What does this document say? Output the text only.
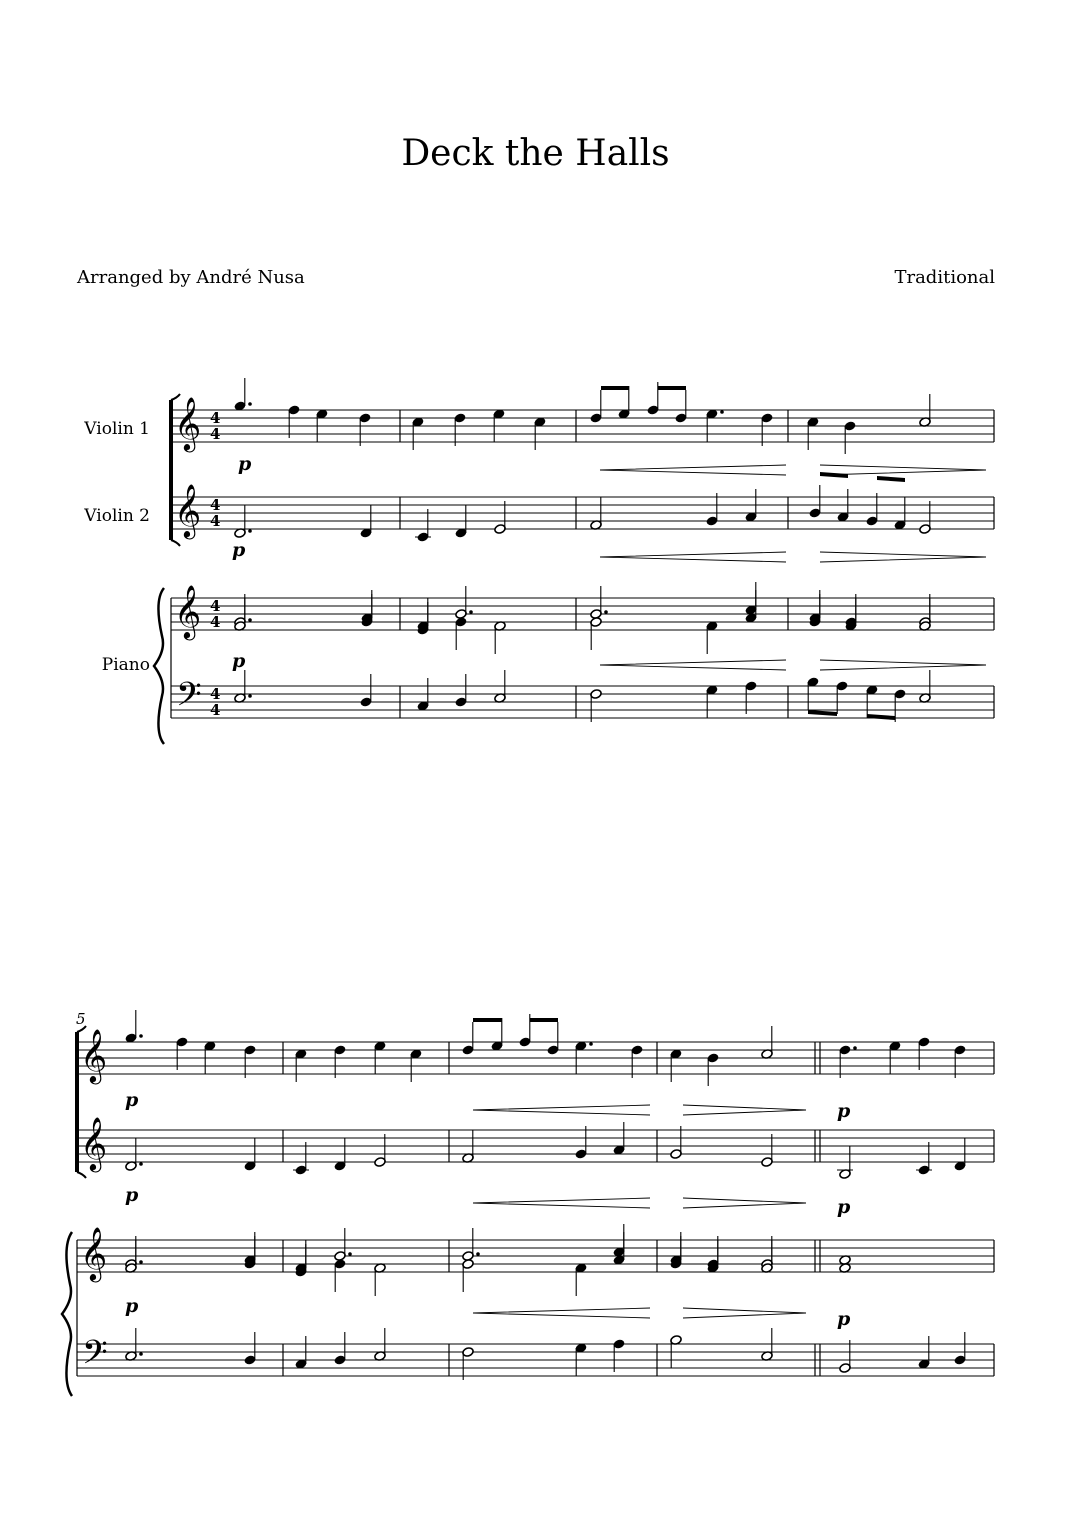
Deck the Halls
Arranged by André Nusa	Traditional
Violin 1
Violin 2
Piano
𝄞 4
4
𝄞 4
4
𝄞 4
4
𝄢 4
4
p
p
p
5
𝄞
𝄞
𝄞
𝄢
p	p
p
p
p
p
